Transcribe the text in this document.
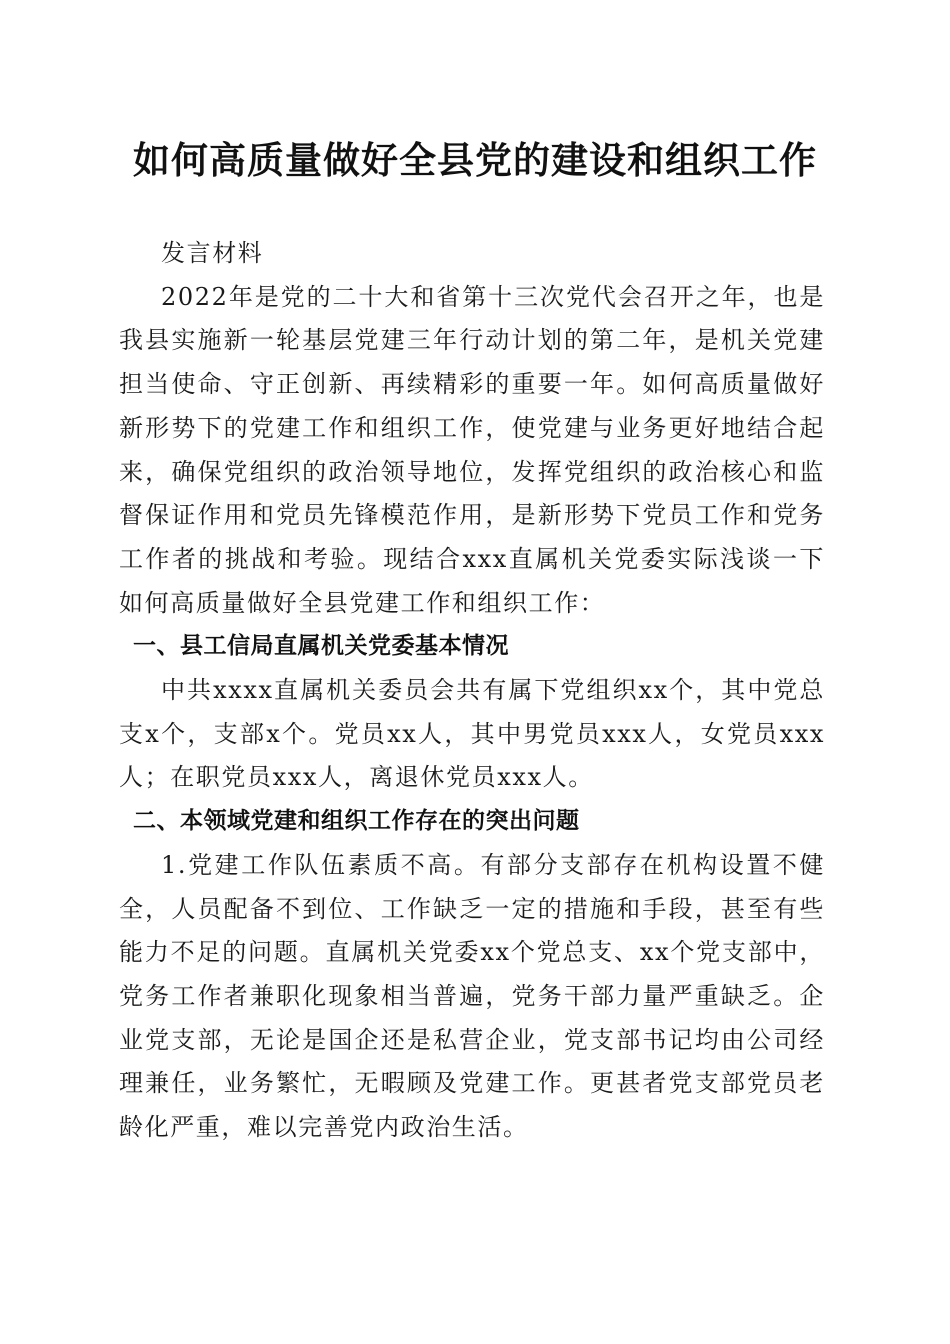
如何高质量做好全县党的建设和组织工作

发言材料

2022年是党的二十大和省第十三次党代会召开之年，也是我县实施新一轮基层党建三年行动计划的第二年，是机关党建担当使命、守正创新、再续精彩的重要一年。如何高质量做好新形势下的党建工作和组织工作，使党建与业务更好地结合起来，确保党组织的政治领导地位，发挥党组织的政治核心和监督保证作用和党员先锋模范作用，是新形势下党员工作和党务工作者的挑战和考验。现结合xxx直属机关党委实际浅谈一下如何高质量做好全县党建工作和组织工作：

一、县工信局直属机关党委基本情况

中共xxxx直属机关委员会共有属下党组织xx个，其中党总支x个，支部x个。党员xx人，其中男党员xxx人，女党员xxx人；在职党员xxx人，离退休党员xxx人。

二、本领域党建和组织工作存在的突出问题

1.党建工作队伍素质不高。有部分支部存在机构设置不健全，人员配备不到位、工作缺乏一定的措施和手段，甚至有些能力不足的问题。直属机关党委xx个党总支、xx个党支部中，党务工作者兼职化现象相当普遍，党务干部力量严重缺乏。企业党支部，无论是国企还是私营企业，党支部书记均由公司经理兼任，业务繁忙，无暇顾及党建工作。更甚者党支部党员老龄化严重，难以完善党内政治生活。
